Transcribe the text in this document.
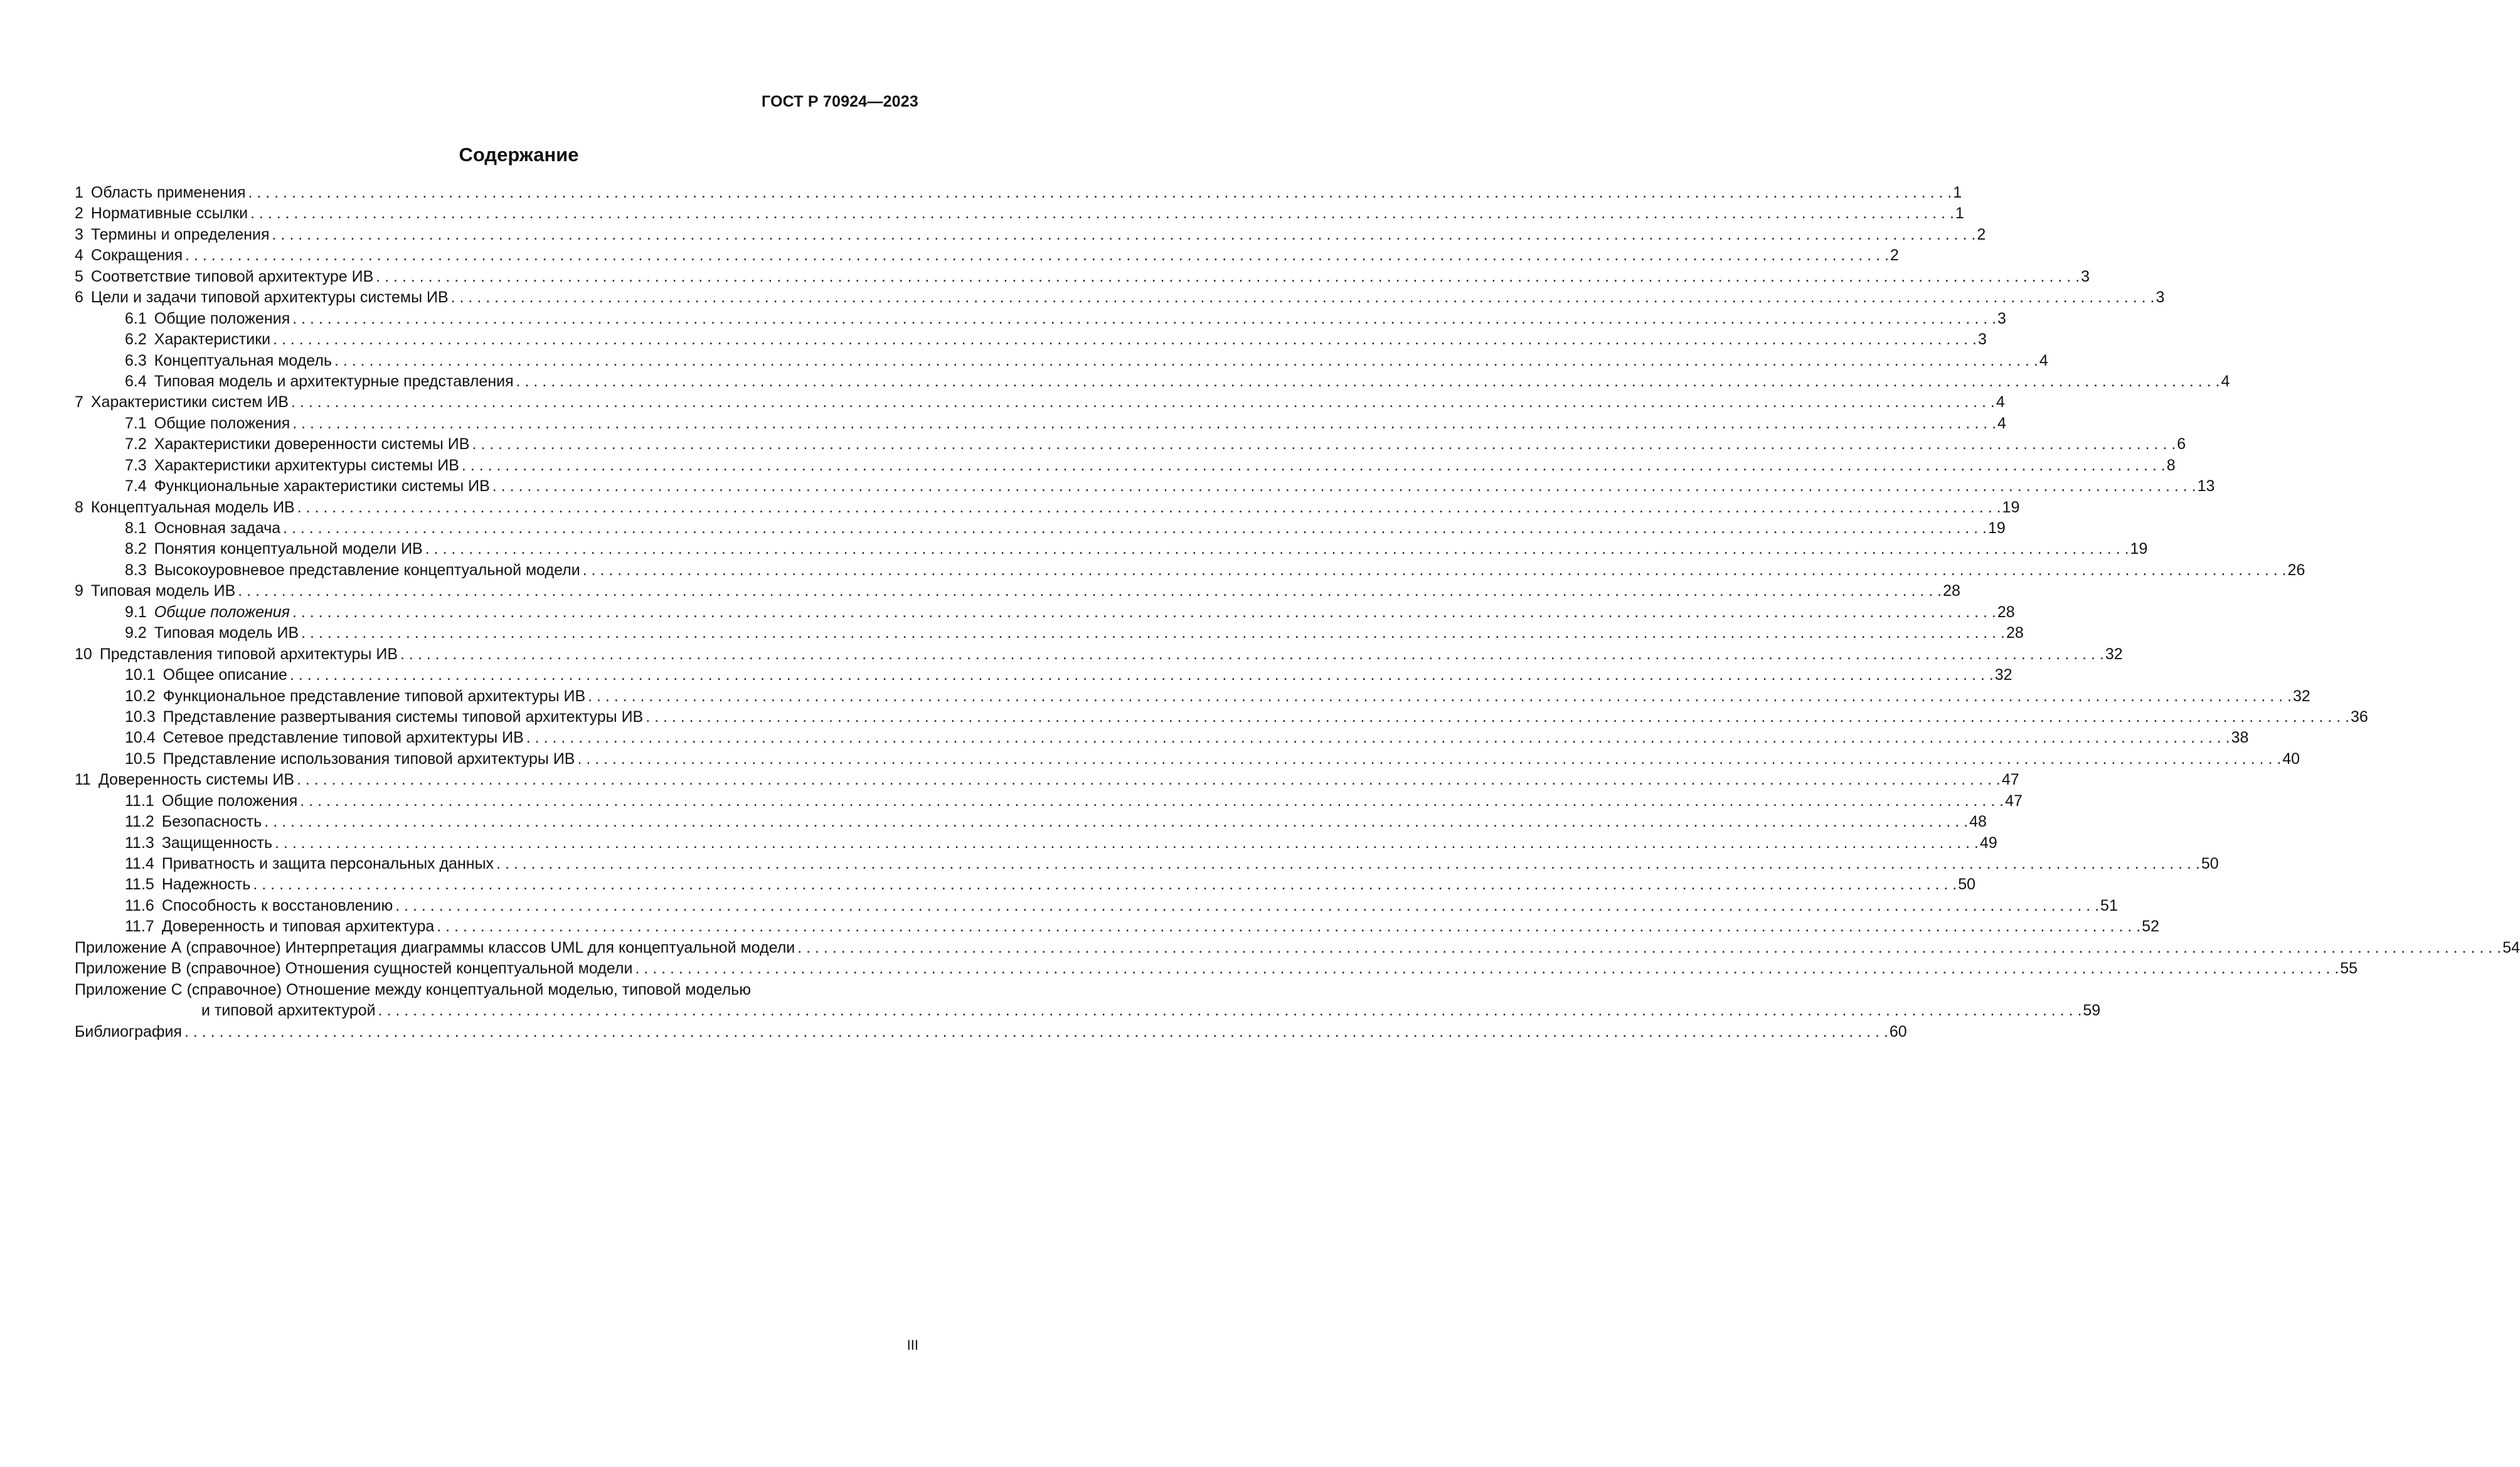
ГОСТ Р 70924—2023
Содержание
1 Область применения . . .	1
2 Нормативные ссылки . . .	1
3 Термины и определения . . .	2
4 Сокращения . . .	2
5 Соответствие типовой архитектуре ИВ . . .	3
6 Цели и задачи типовой архитектуры системы ИВ . . .	3
6.1 Общие положения . . .	3
6.2 Характеристики . . .	3
6.3 Концептуальная модель . . .	4
6.4 Типовая модель и архитектурные представления . . .	4
7 Характеристики систем ИВ . . .	4
7.1 Общие положения . . .	4
7.2 Характеристики доверенности системы ИВ . . .	6
7.3 Характеристики архитектуры системы ИВ . . .	8
7.4 Функциональные характеристики системы ИВ . . .	13
8 Концептуальная модель ИВ . . .	19
8.1 Основная задача . . .	19
8.2 Понятия концептуальной модели ИВ . . .	19
8.3 Высокоуровневое представление концептуальной модели . . .	26
9 Типовая модель ИВ . . .	28
9.1 Общие положения . . .	28
9.2 Типовая модель ИВ . . .	28
10 Представления типовой архитектуры ИВ . . .	32
10.1 Общее описание . . .	32
10.2 Функциональное представление типовой архитектуры ИВ . . .	32
10.3 Представление развертывания системы типовой архитектуры ИВ . . .	36
10.4 Сетевое представление типовой архитектуры ИВ . . .	38
10.5 Представление использования типовой архитектуры ИВ . . .	40
11 Доверенность системы ИВ . . .	47
11.1 Общие положения . . .	47
11.2 Безопасность . . .	48
11.3 Защищенность . . .	49
11.4 Приватность и защита персональных данных . . .	50
11.5 Надежность . . .	50
11.6 Способность к восстановлению . . .	51
11.7 Доверенность и типовая архитектура . . .	52
Приложение А (справочное) Интерпретация диаграммы классов UML для концептуальной модели . . .	54
Приложение В (справочное) Отношения сущностей концептуальной модели . . .	55
Приложение С (справочное) Отношение между концептуальной моделью, типовой моделью
и типовой архитектурой . . .	59
Библиография . . .	60
III
